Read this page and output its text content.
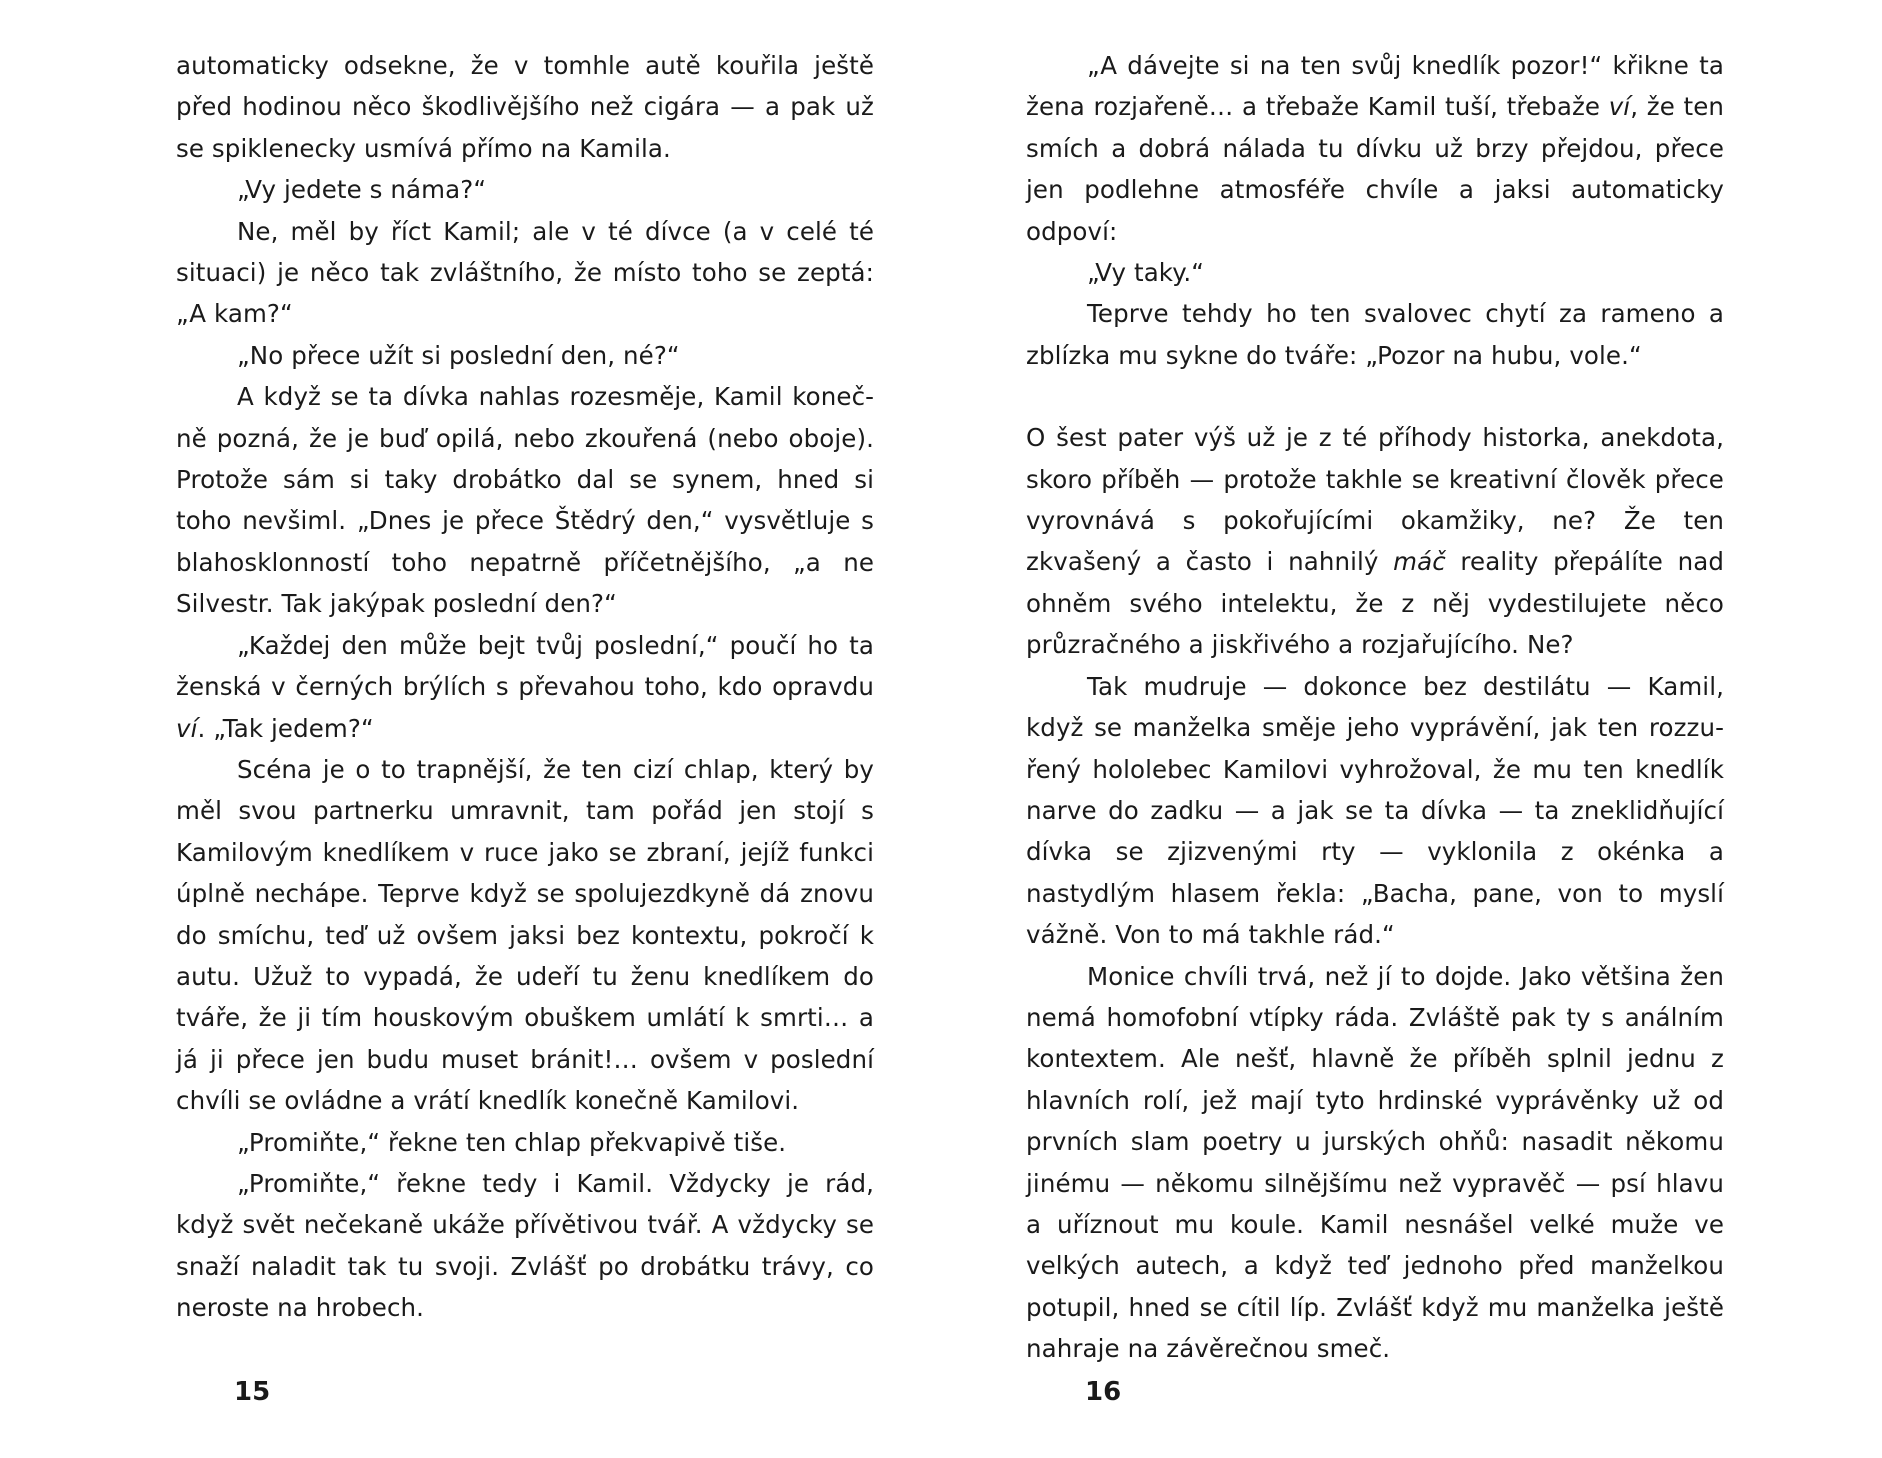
automaticky odsekne, že v tomhle autě kouřila ještě před hodinou něco škodlivějšího než cigára — a pak už se spiklenecky usmívá přímo na Kamila.

„Vy jedete s náma?“

Ne, měl by říct Kamil; ale v té dívce (a v celé té situaci) je něco tak zvláštního, že místo toho se zeptá: „A kam?“

„No přece užít si poslední den, né?“

A když se ta dívka nahlas rozesměje, Kamil konečně pozná, že je buď opilá, nebo zkouřená (nebo oboje). Protože sám si taky drobátko dal se synem, hned si toho nevšiml. „Dnes je přece Štědrý den,“ vysvětluje s blahosklonností toho nepatrně příčetnějšího, „a ne Silvestr. Tak jakýpak poslední den?“

„Každej den může bejt tvůj poslední,“ poučí ho ta ženská v černých brýlích s převahou toho, kdo opravdu ví. „Tak jedem?“

Scéna je o to trapnější, že ten cizí chlap, který by měl svou partnerku umravnit, tam pořád jen stojí s Kamilovým knedlíkem v ruce jako se zbraní, jejíž funkci úplně nechápe. Teprve když se spolujezdkyně dá znovu do smíchu, teď už ovšem jaksi bez kontextu, pokročí k autu. Užuž to vypadá, že udeří tu ženu knedlíkem do tváře, že ji tím houskovým obuškem umlátí k smrti… a já ji přece jen budu muset bránit!… ovšem v poslední chvíli se ovládne a vrátí knedlík konečně Kamilovi.

„Promiňte,“ řekne ten chlap překvapivě tiše.

„Promiňte,“ řekne tedy i Kamil. Vždycky je rád, když svět nečekaně ukáže přívětivou tvář. A vždycky se snaží naladit tak tu svoji. Zvlášť po drobátku trávy, co neroste na hrobech.

15

„A dávejte si na ten svůj knedlík pozor!“ křikne ta žena rozjařeně… a třebaže Kamil tuší, třebaže ví, že ten smích a dobrá nálada tu dívku už brzy přejdou, přece jen podlehne atmosféře chvíle a jaksi automaticky odpoví:

„Vy taky.“

Teprve tehdy ho ten svalovec chytí za rameno a zblízka mu sykne do tváře: „Pozor na hubu, vole.“

O šest pater výš už je z té příhody historka, anekdota, skoro příběh — protože takhle se kreativní člověk přece vyrovnává s pokořujícími okamžiky, ne? Že ten zkvašený a často i nahnilý máč reality přepálíte nad ohněm svého intelektu, že z něj vydestilujete něco průzračného a jiskřivého a rozjařujícího. Ne?

Tak mudruje — dokonce bez destilátu — Kamil, když se manželka směje jeho vyprávění, jak ten rozzuřený hololebec Kamilovi vyhrožoval, že mu ten knedlík narve do zadku — a jak se ta dívka — ta zneklidňující dívka se zjizvenými rty — vyklonila z okénka a nastydlým hlasem řekla: „Bacha, pane, von to myslí vážně. Von to má takhle rád.“

Monice chvíli trvá, než jí to dojde. Jako většina žen nemá homofobní vtípky ráda. Zvláště pak ty s análním kontextem. Ale nešť, hlavně že příběh splnil jednu z hlavních rolí, jež mají tyto hrdinské vyprávěnky už od prvních slam poetry u jurských ohňů: nasadit někomu jinému — někomu silnějšímu než vypravěč — psí hlavu a uříznout mu koule. Kamil nesnášel velké muže ve velkých autech, a když teď jednoho před manželkou potupil, hned se cítil líp. Zvlášť když mu manželka ještě nahraje na závěrečnou smeč.

16
